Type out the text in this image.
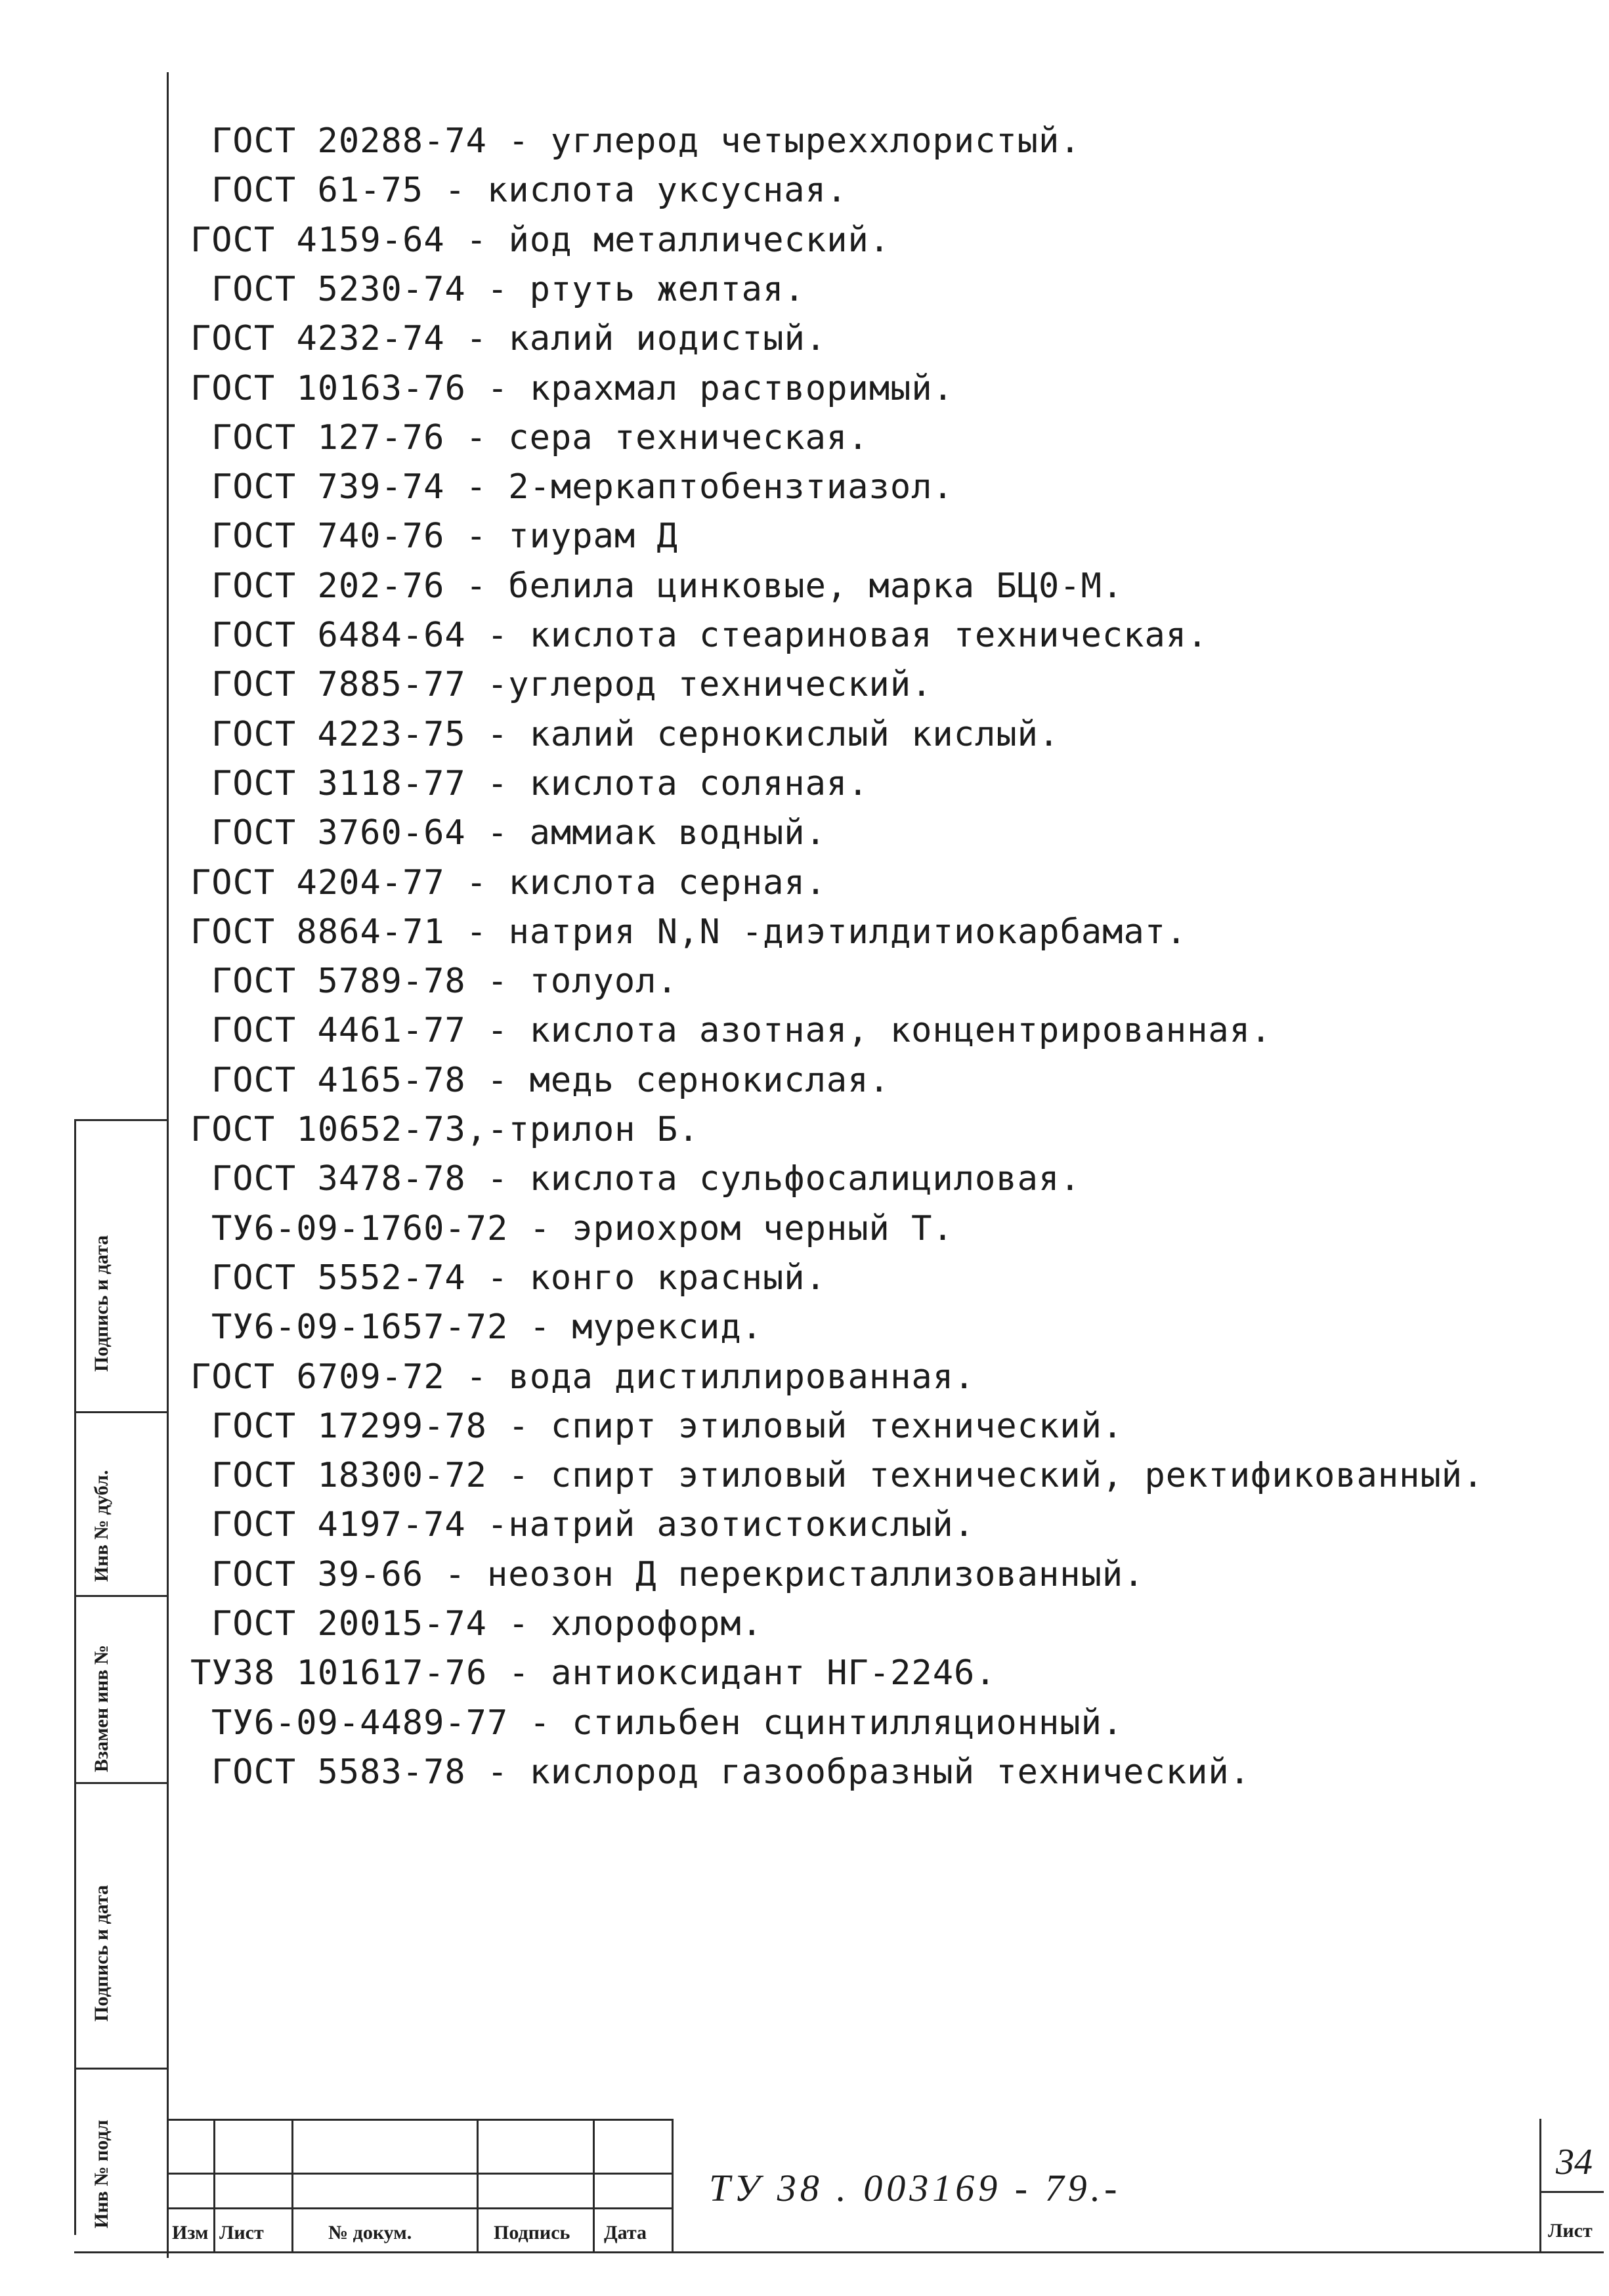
ГОСТ 20288-74 - углерод четыреххлористый.
ГОСТ 61-75 - кислота уксусная.
ГОСТ 4159-64 - йод металлический.
ГОСТ 5230-74 - ртуть желтая.
ГОСТ 4232-74 - калий иодистый.
ГОСТ 10163-76 - крахмал растворимый.
ГОСТ 127-76 - сера техническая.
ГОСТ 739-74 - 2-меркаптобензтиазол.
ГОСТ 740-76 - тиурам Д
ГОСТ 202-76 - белила цинковые, марка БЦ0-М.
ГОСТ 6484-64 - кислота стеариновая техническая.
ГОСТ 7885-77 -углерод технический.
ГОСТ 4223-75 - калий сернокислый кислый.
ГОСТ 3118-77 - кислота соляная.
ГОСТ 3760-64 - аммиак водный.
ГОСТ 4204-77 - кислота серная.
ГОСТ 8864-71 - натрия N,N -диэтилдитиокарбамат.
ГОСТ 5789-78 - толуол.
ГОСТ 4461-77 - кислота азотная, концентрированная.
ГОСТ 4165-78 - медь сернокислая.
ГОСТ 10652-73,-трилон Б.
ГОСТ 3478-78 - кислота сульфосалициловая.
ТУ6-09-1760-72 - эриохром черный Т.
ГОСТ 5552-74 - конго красный.
ТУ6-09-1657-72 - мурексид.
ГОСТ 6709-72 - вода дистиллированная.
ГОСТ 17299-78 - спирт этиловый технический.
ГОСТ 18300-72 - спирт этиловый технический, ректификованный.
ГОСТ 4197-74 -натрий азотистокислый.
ГОСТ 39-66 - неозон Д перекристаллизованный.
ГОСТ 20015-74 - хлороформ.
ТУ38 101617-76 - антиоксидант НГ-2246.
ТУ6-09-4489-77 - стильбен сцинтилляционный.
ГОСТ 5583-78 - кислород газообразный технический.
Подпись и дата
Инв № дубл.
Взамен инв №
Подпись и дата
Инв № подл
Изм Лист	№ докум.	Подпись Дата
ТУ 38 . 003169 - 79.-
34
Лист
